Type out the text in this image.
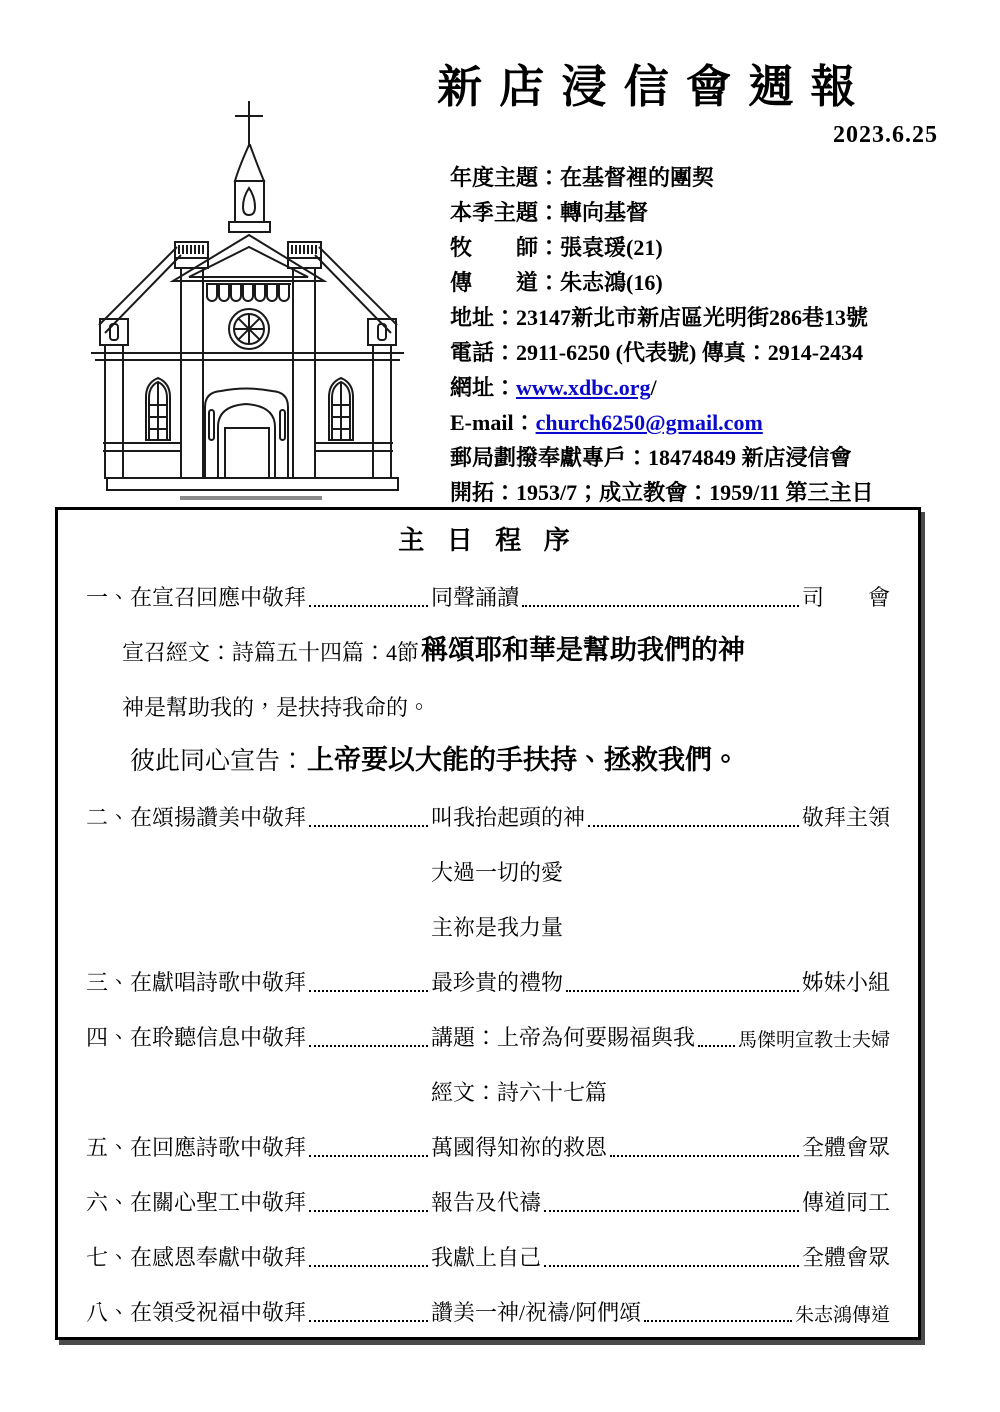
新 店 浸 信 會 週 報
2023.6.25
年度主題：在基督裡的團契
本季主題：轉向基督
牧　　師：張袁瑗(21)
傳　　道：朱志鴻(16)
地址：23147新北市新店區光明街286巷13號
電話：2911-6250 (代表號) 傳真：2914-2434
網址：www.xdbc.org/
E-mail：church6250@gmail.com
郵局劃撥奉獻專戶：18474849 新店浸信會
開拓：1953/7；成立教會：1959/11 第三主日
主 日 程 序
一、在宣召回應中敬拜	同聲誦讀	司　　會
宣召經文：詩篇五十四篇：4節 稱頌耶和華是幫助我們的神
神是幫助我的，是扶持我命的。
彼此同心宣告： 上帝要以大能的手扶持、拯救我們。
二、在頌揚讚美中敬拜	叫我抬起頭的神	敬拜主領
大過一切的愛
主祢是我力量
三、在獻唱詩歌中敬拜	最珍貴的禮物	姊妹小組
四、在聆聽信息中敬拜	講題：上帝為何要賜福與我 馬傑明宣教士夫婦
經文：詩六十七篇
五、在回應詩歌中敬拜	萬國得知祢的救恩	全體會眾
六、在關心聖工中敬拜	報告及代禱	傳道同工
七、在感恩奉獻中敬拜	我獻上自己	全體會眾
八、在領受祝福中敬拜	讚美一神/祝禱/阿們頌	朱志鴻傳道
